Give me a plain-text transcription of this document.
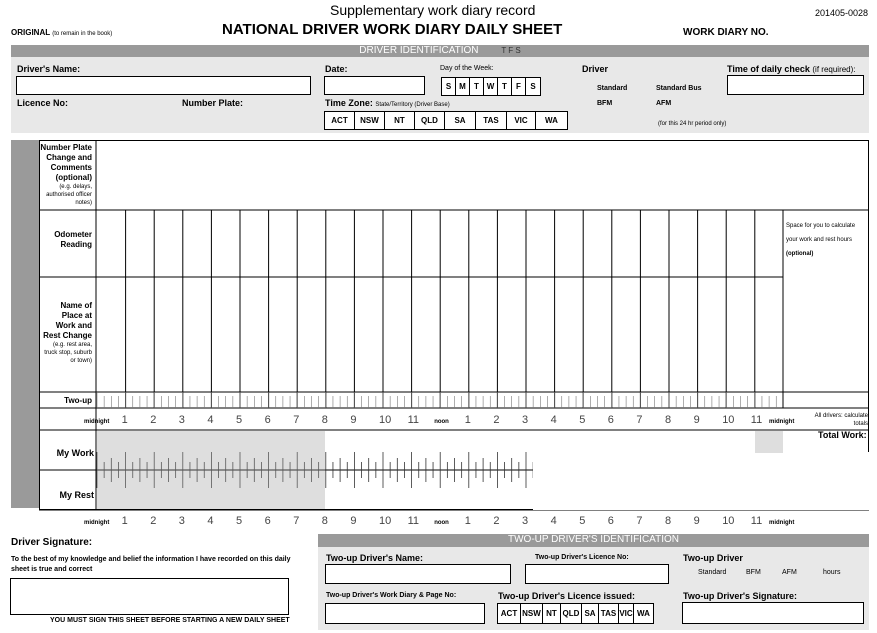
Supplementary work diary record	201405-0028
ORIGINAL (to remain in the book)	NATIONAL DRIVER WORK DIARY DAILY SHEET	WORK DIARY NO.
DRIVER IDENTIFICATION	T F S
Driver's Name:	Date:	Day of the Week:
S M	T W T	F	S
Driver
Standard	Standard Bus
BFM	AFM
(for this 24 hr period only)
Time of daily check (if required):
Licence No:	Number Plate:	Time Zone: State/Territory (Driver Base)
ACT	NSW	NT	QLD	SA	TAS	VIC	WA
Number Plate Change and Comments
(optional)
(e.g. delays, authorised officer notes)
Odometer Reading
Name of Place at Work and Rest Change
(e.g. rest area, truck stop, suburb or town)
Two-up
My Work
My Rest
Space for you to calculate your work and rest hours (optional)
All drivers: calculate totals
Total Work:
midnight 1 2 3 4 5 6 7 8 9 10 11	noon 1 2 3 4 5 6 7 8 9 10 11 midnight
midnight 1 2 3 4 5 6 7 8 9 10 11	noon 1 2 3 4 5 6 7 8 9 10 11 midnight
Driver Signature:
To the best of my knowledge and belief the information I have recorded on this daily sheet is true and correct
YOU MUST SIGN THIS SHEET BEFORE STARTING A NEW DAILY SHEET
TWO-UP DRIVER'S IDENTIFICATION
Two-up Driver's Name:	Two-up Driver's Licence No:	Two-up Driver
Standard	BFM	AFM	hours
Two-up Driver's Work Diary & Page No:	Two-up Driver's Licence issued:
ACT NSW NT QLD SA TAS VIC WA
Two-up Driver's Signature:
